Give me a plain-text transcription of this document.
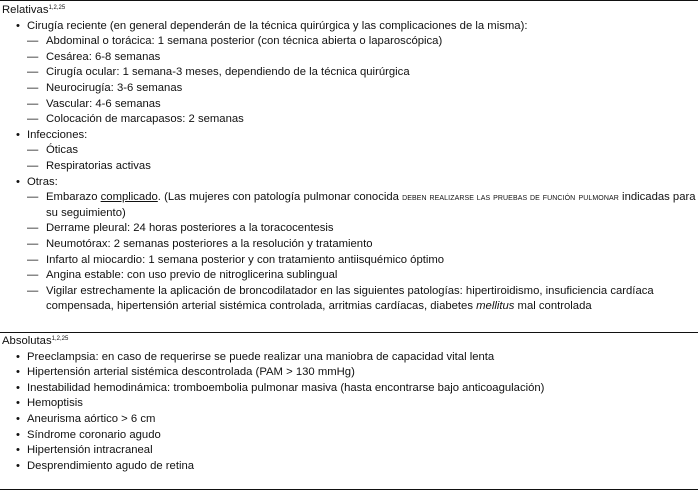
Relativas$^{1,2,25}$
• Cirugía reciente (en general dependerán de la técnica quirúrgica y las complicaciones de la misma):
— Abdominal o torácica: 1 semana posterior (con técnica abierta o laparoscópica)
— Cesárea: 6-8 semanas
— Cirugía ocular: 1 semana-3 meses, dependiendo de la técnica quirúrgica
— Neurocirugía: 3-6 semanas
— Vascular: 4-6 semanas
— Colocación de marcapasos: 2 semanas
• Infecciones:
— Óticas
— Respiratorias activas
• Otras:
— Embarazo complicado. (Las mujeres con patología pulmonar conocida deben realizarse las pruebas de función pulmonar indicadas para su seguimiento)
— Derrame pleural: 24 horas posteriores a la toracocentesis
— Neumotórax: 2 semanas posteriores a la resolución y tratamiento
— Infarto al miocardio: 1 semana posterior y con tratamiento antiisquémico óptimo
— Angina estable: con uso previo de nitroglicerina sublingual
— Vigilar estrechamente la aplicación de broncodilatador en las siguientes patologías: hipertiroidismo, insuficiencia cardíaca compensada, hipertensión arterial sistémica controlada, arritmias cardíacas, diabetes mellitus mal controlada
Absolutas$^{1,2,25}$
• Preeclampsia: en caso de requerirse se puede realizar una maniobra de capacidad vital lenta
• Hipertensión arterial sistémica descontrolada (PAM > 130 mmHg)
• Inestabilidad hemodinámica: tromboembolia pulmonar masiva (hasta encontrarse bajo anticoagulación)
• Hemoptisis
• Aneurisma aórtico > 6 cm
• Síndrome coronario agudo
• Hipertensión intracraneal
• Desprendimiento agudo de retina
